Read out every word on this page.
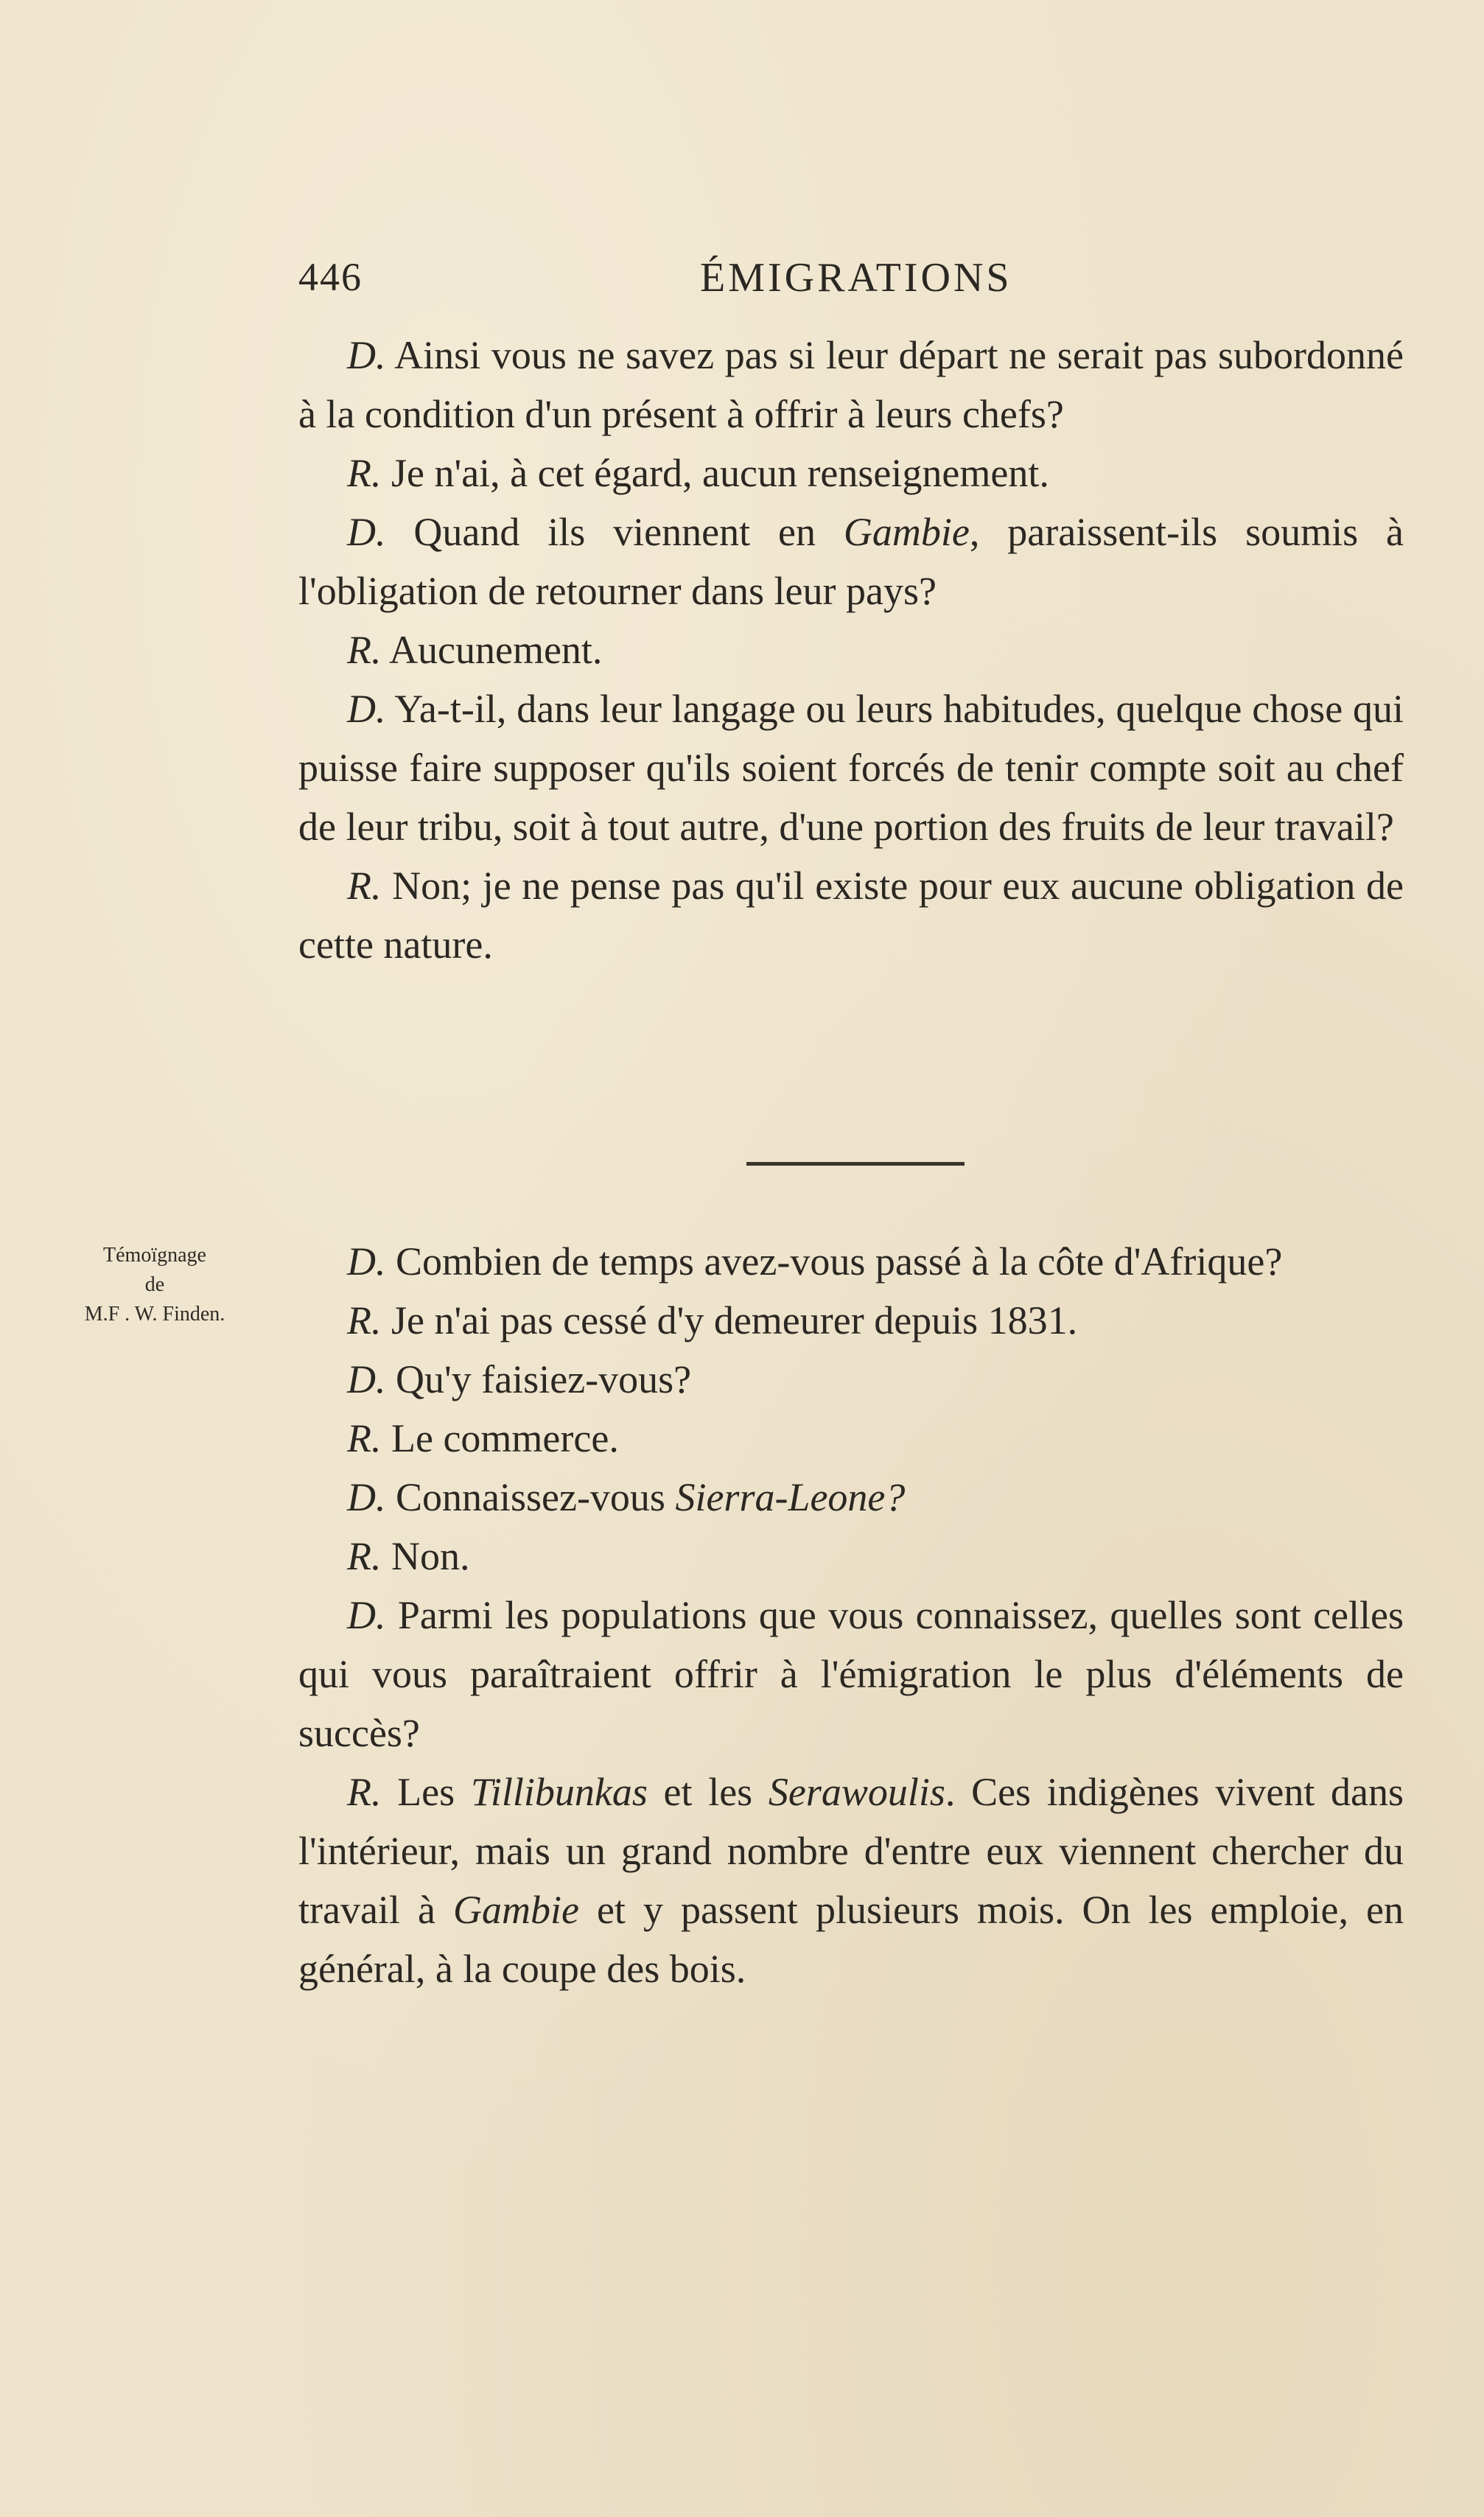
446	ÉMIGRATIONS

D. Ainsi vous ne savez pas si leur départ ne serait pas subordonné à la condition d'un présent à offrir à leurs chefs?

R. Je n'ai, à cet égard, aucun renseignement.

D. Quand ils viennent en Gambie, paraissent-ils soumis à l'obligation de retourner dans leur pays?

R. Aucunement.

D. Ya-t-il, dans leur langage ou leurs habitudes, quelque chose qui puisse faire supposer qu'ils soient forcés de tenir compte soit au chef de leur tribu, soit à tout autre, d'une portion des fruits de leur travail?

R. Non; je ne pense pas qu'il existe pour eux aucune obligation de cette nature.

Témoïgnage
de
M.F . W. Finden.

D. Combien de temps avez-vous passé à la côte d'Afrique?

R. Je n'ai pas cessé d'y demeurer depuis 1831.

D. Qu'y faisiez-vous?

R. Le commerce.

D. Connaissez-vous Sierra-Leone?

R. Non.

D. Parmi les populations que vous connaissez, quelles sont celles qui vous paraîtraient offrir à l'émigration le plus d'éléments de succès?

R. Les Tillibunkas et les Serawoulis. Ces indigènes vivent dans l'intérieur, mais un grand nombre d'entre eux viennent chercher du travail à Gambie et y passent plusieurs mois. On les emploie, en général, à la coupe des bois.
